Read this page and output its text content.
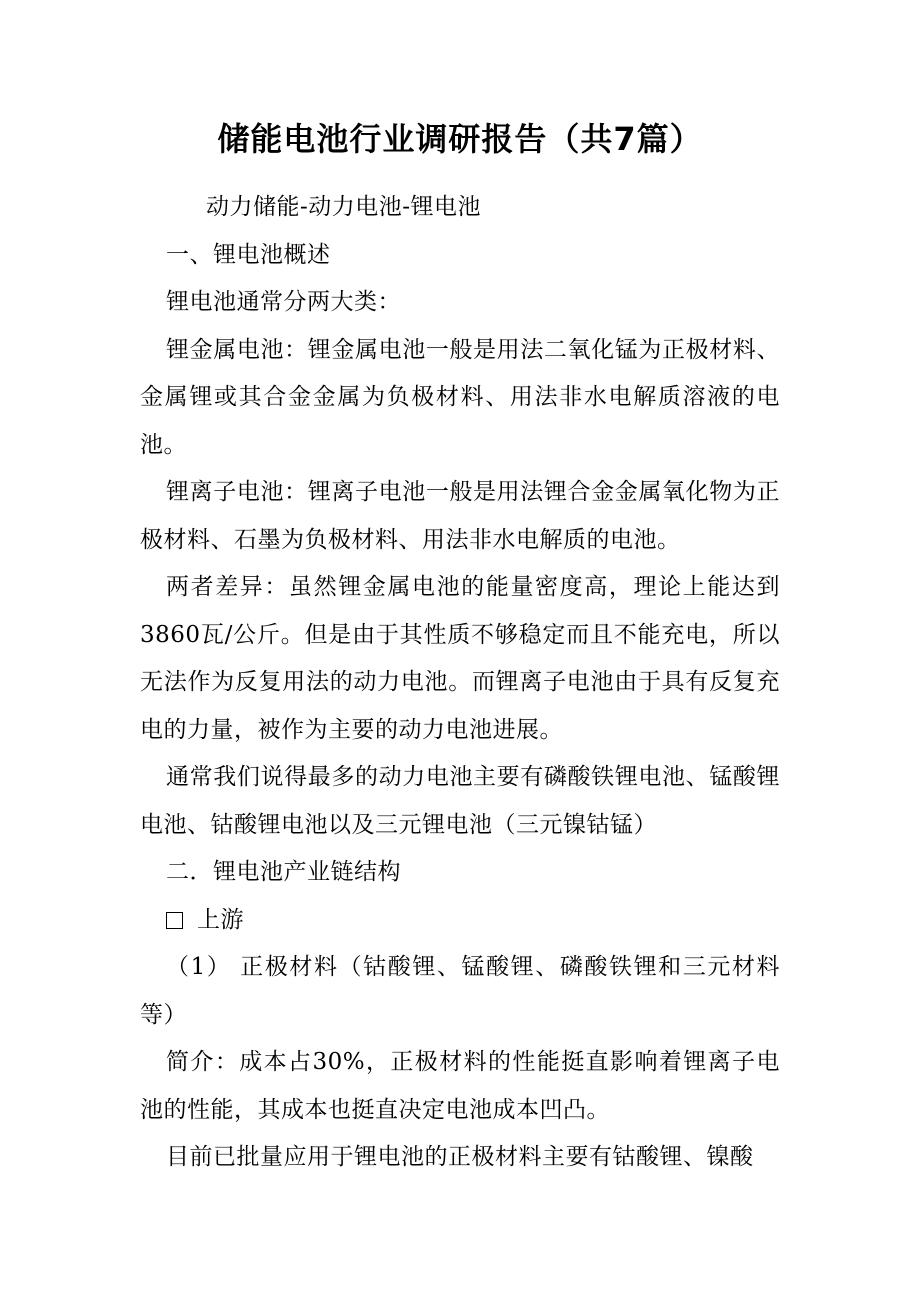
储能电池行业调研报告（共7篇）

动力储能-动力电池-锂电池

一、锂电池概述

锂电池通常分两大类：

锂金属电池：锂金属电池一般是用法二氧化锰为正极材料、金属锂或其合金金属为负极材料、用法非水电解质溶液的电池。

锂离子电池：锂离子电池一般是用法锂合金金属氧化物为正极材料、石墨为负极材料、用法非水电解质的电池。

两者差异：虽然锂金属电池的能量密度高，理论上能达到3860瓦/公斤。但是由于其性质不够稳定而且不能充电，所以无法作为反复用法的动力电池。而锂离子电池由于具有反复充电的力量，被作为主要的动力电池进展。

通常我们说得最多的动力电池主要有磷酸铁锂电池、锰酸锂电池、钴酸锂电池以及三元锂电池（三元镍钴锰）

二．锂电池产业链结构

上游

（1） 正极材料（钴酸锂、锰酸锂、磷酸铁锂和三元材料等）

简介：成本占30%，正极材料的性能挺直影响着锂离子电池的性能，其成本也挺直决定电池成本凹凸。

目前已批量应用于锂电池的正极材料主要有钴酸锂、镍酸
